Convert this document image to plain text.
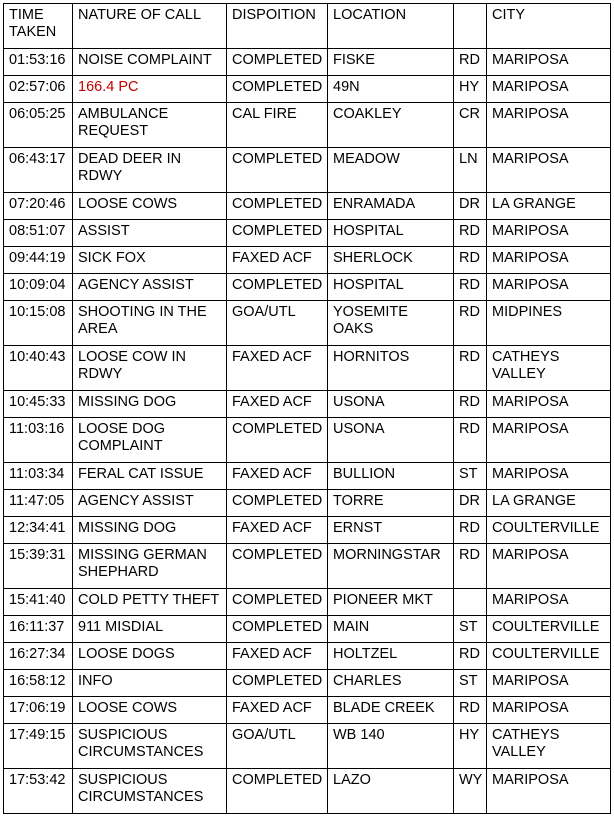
TIME TAKEN	NATURE OF CALL	DISPOITION	LOCATION		CITY
01:53:16	NOISE COMPLAINT	COMPLETED	FISKE	RD	MARIPOSA
02:57:06	166.4 PC	COMPLETED	49N	HY	MARIPOSA
06:05:25	AMBULANCE REQUEST	CAL FIRE	COAKLEY	CR	MARIPOSA
06:43:17	DEAD DEER IN RDWY	COMPLETED	MEADOW	LN	MARIPOSA
07:20:46	LOOSE COWS	COMPLETED	ENRAMADA	DR	LA GRANGE
08:51:07	ASSIST	COMPLETED	HOSPITAL	RD	MARIPOSA
09:44:19	SICK FOX	FAXED ACF	SHERLOCK	RD	MARIPOSA
10:09:04	AGENCY ASSIST	COMPLETED	HOSPITAL	RD	MARIPOSA
10:15:08	SHOOTING IN THE AREA	GOA/UTL	YOSEMITE OAKS	RD	MIDPINES
10:40:43	LOOSE COW IN RDWY	FAXED ACF	HORNITOS	RD	CATHEYS VALLEY
10:45:33	MISSING DOG	FAXED ACF	USONA	RD	MARIPOSA
11:03:16	LOOSE DOG COMPLAINT	COMPLETED	USONA	RD	MARIPOSA
11:03:34	FERAL CAT ISSUE	FAXED ACF	BULLION	ST	MARIPOSA
11:47:05	AGENCY ASSIST	COMPLETED	TORRE	DR	LA GRANGE
12:34:41	MISSING DOG	FAXED ACF	ERNST	RD	COULTERVILLE
15:39:31	MISSING GERMAN SHEPHARD	COMPLETED	MORNINGSTAR	RD	MARIPOSA
15:41:40	COLD PETTY THEFT	COMPLETED	PIONEER MKT		MARIPOSA
16:11:37	911 MISDIAL	COMPLETED	MAIN	ST	COULTERVILLE
16:27:34	LOOSE DOGS	FAXED ACF	HOLTZEL	RD	COULTERVILLE
16:58:12	INFO	COMPLETED	CHARLES	ST	MARIPOSA
17:06:19	LOOSE COWS	FAXED ACF	BLADE CREEK	RD	MARIPOSA
17:49:15	SUSPICIOUS CIRCUMSTANCES	GOA/UTL	WB 140	HY	CATHEYS VALLEY
17:53:42	SUSPICIOUS CIRCUMSTANCES	COMPLETED	LAZO	WY	MARIPOSA
